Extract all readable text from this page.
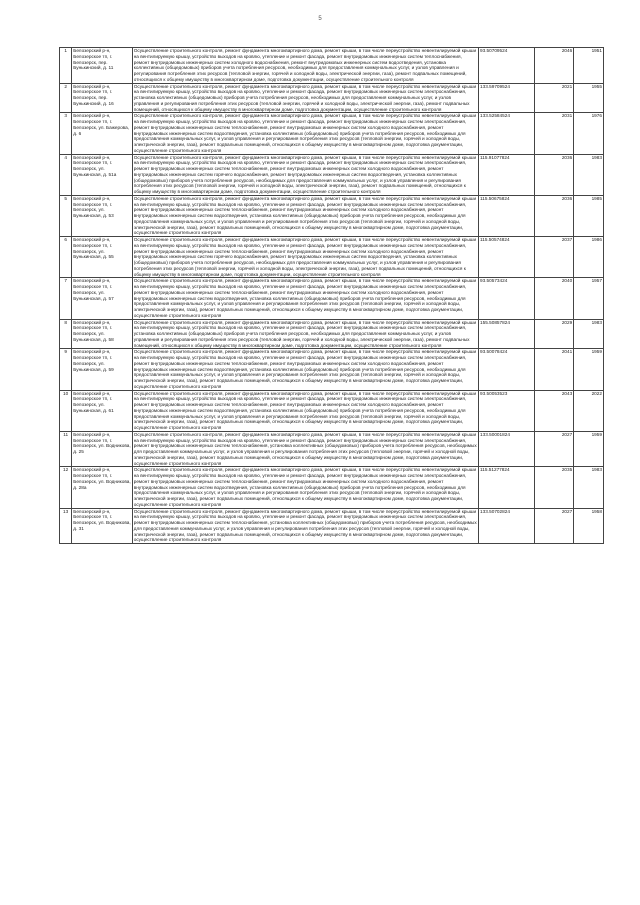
5
1	Белозерский р-н, Белозерское тп, г. Белозерск, пер. Бунькинский, д. 11	Осуществление строительного контроля, ремонт фундамента многоквартирного дома, ремонт крыши, в том числе переустройство невентилируемой крыши на вентилируемую крышу, устройство выходов на кровлю, утепление и ремонт фасада, ремонт внутридомовых инженерных систем теплоснабжения, ремонт внутридомовых инженерных систем холодного водоснабжения, ремонт внутридомовых инженерных систем водоотведения, установка коллективных (общедомовых) приборов учета потребления ресурсов, необходимых для предоставления коммунальных услуг, и узлов управления и регулирования потребления этих ресурсов (тепловой энергии, горячей и холодной воды, электрической энергии, газа), ремонт подвальных помещений, относящихся к общему имуществу в многоквартирном доме, подготовка документации, осуществление строительного контроля	93.50709524	2046	1951
2	Белозерский р-н, Белозерское тп, г. Белозерск, пер. Бунькинский, д. 16	Осуществление строительного контроля, ремонт фундамента многоквартирного дома, ремонт крыши, в том числе переустройство невентилируемой крыши на вентилируемую крышу, устройство выходов на кровлю, утепление и ремонт фасада, ремонт внутридомовых инженерных систем электроснабжения, установка коллективных (общедомовых) приборов учета потребления ресурсов, необходимых для предоставления коммунальных услуг, и узлов управления и регулирования потребления этих ресурсов (тепловой энергии, горячей и холодной воды, электрической энергии, газа), ремонт подвальных помещений, относящихся к общему имуществу в многоквартирном доме, подготовка документации, осуществление строительного контроля	133.59709524	2021	1955
3	Белозерский р-н, Белозерское тп, г. Белозерск, ул. Бажерова, д. 6	Осуществление строительного контроля, ремонт фундамента многоквартирного дома, ремонт крыши, в том числе переустройство невентилируемой крыши на вентилируемую крышу, устройство выходов на кровлю, утепление и ремонт фасада, ремонт внутридомовых инженерных систем электроснабжения, ремонт внутридомовых инженерных систем теплоснабжения, ремонт внутридомовых инженерных систем холодного водоснабжения, ремонт внутридомовых инженерных систем водоотведения, установка коллективных (общедомовых) приборов учета потребления ресурсов, необходимых для предоставления коммунальных услуг, и узлов управления и регулирования потребления этих ресурсов (тепловой энергии, горячей и холодной воды, электрической энергии, газа), ремонт подвальных помещений, относящихся к общему имуществу в многоквартирном доме, подготовка документации, осуществление строительного контроля	133.52584524	2031	1976
4	Белозерский р-н, Белозерское тп, г. Белозерск, ул. Бунькинская, д. 51а	Осуществление строительного контроля, ремонт фундамента многоквартирного дома, ремонт крыши, в том числе переустройство невентилируемой крыши на вентилируемую крышу, устройство выходов на кровлю, утепление и ремонт фасада, ремонт внутридомовых инженерных систем электроснабжения, ремонт внутридомовых инженерных систем теплоснабжения, ремонт внутридомовых инженерных систем холодного водоснабжения, ремонт внутридомовых инженерных систем горячего водоснабжения, ремонт внутридомовых инженерных систем водоотведения, установка коллективных (общедомовых) приборов учета потребления ресурсов, необходимых для предоставления коммунальных услуг, и узлов управления и регулирования потребления этих ресурсов (тепловой энергии, горячей и холодной воды, электрической энергии, газа), ремонт подвальных помещений, относящихся к общему имуществу в многоквартирном доме, подготовка документации, осуществление строительного контроля	115.91077824	2036	1983
5	Белозерский р-н, Белозерское тп, г. Белозерск, ул. Бунькинская, д. 53	Осуществление строительного контроля, ремонт фундамента многоквартирного дома, ремонт крыши, в том числе переустройство невентилируемой крыши на вентилируемую крышу, устройство выходов на кровлю, утепление и ремонт фасада, ремонт внутридомовых инженерных систем электроснабжения, ремонт внутридомовых инженерных систем теплоснабжения, ремонт внутридомовых инженерных систем холодного водоснабжения, ремонт внутридомовых инженерных систем водоотведения, установка коллективных (общедомовых) приборов учета потребления ресурсов, необходимых для предоставления коммунальных услуг, и узлов управления и регулирования потребления этих ресурсов (тепловой энергии, горячей и холодной воды, электрической энергии, газа), ремонт подвальных помещений, относящихся к общему имуществу в многоквартирном доме, подготовка документации, осуществление строительного контроля	115.50675824	2036	1985
6	Белозерский р-н, Белозерское тп, г. Белозерск, ул. Бунькинская, д. 55	Осуществление строительного контроля, ремонт фундамента многоквартирного дома, ремонт крыши, в том числе переустройство невентилируемой крыши на вентилируемую крышу, устройство выходов на кровлю, утепление и ремонт фасада, ремонт внутридомовых инженерных систем электроснабжения, ремонт внутридомовых инженерных систем теплоснабжения, ремонт внутридомовых инженерных систем холодного водоснабжения, ремонт внутридомовых инженерных систем горячего водоснабжения, ремонт внутридомовых инженерных систем водоотведения, установка коллективных (общедомовых) приборов учета потребления ресурсов, необходимых для предоставления коммунальных услуг, и узлов управления и регулирования потребления этих ресурсов (тепловой энергии, горячей и холодной воды, электрической энергии, газа), ремонт подвальных помещений, относящихся к общему имуществу в многоквартирном доме, подготовка документации, осуществление строительного контроля	115.50574824	2037	1986
7	Белозерский р-н, Белозерское тп, г. Белозерск, ул. Бунькинская, д. 57	Осуществление строительного контроля, ремонт фундамента многоквартирного дома, ремонт крыши, в том числе переустройство невентилируемой крыши на вентилируемую крышу, устройство выходов на кровлю, утепление и ремонт фасада, ремонт внутридомовых инженерных систем электроснабжения, ремонт внутридомовых инженерных систем теплоснабжения, ремонт внутридомовых инженерных систем холодного водоснабжения, ремонт внутридомовых инженерных систем водоотведения, установка коллективных (общедомовых) приборов учета потребления ресурсов, необходимых для предоставления коммунальных услуг, и узлов управления и регулирования потребления этих ресурсов (тепловой энергии, горячей и холодной воды, электрической энергии, газа), ремонт подвальных помещений, относящихся к общему имуществу в многоквартирном доме, подготовка документации, осуществление строительного контроля	93.50573424	2040	1957
8	Белозерский р-н, Белозерское тп, г. Белозерск, ул. Бунькинская, д. 58	Осуществление строительного контроля, ремонт фундамента многоквартирного дома, ремонт крыши, в том числе переустройство невентилируемой крыши на вентилируемую крышу, устройство выходов на кровлю, утепление и ремонт фасада, ремонт внутридомовых инженерных систем электроснабжения, установка коллективных (общедомовых) приборов учета потребления ресурсов, необходимых для предоставления коммунальных услуг, и узлов управления и регулирования потребления этих ресурсов (тепловой энергии, горячей и холодной воды, электрической энергии, газа), ремонт подвальных помещений, относящихся к общему имуществу в многоквартирном доме, подготовка документации, осуществление строительного контроля	155.50857824	2029	1983
9	Белозерский р-н, Белозерское тп, г. Белозерск, ул. Бунькинская, д. 59	Осуществление строительного контроля, ремонт фундамента многоквартирного дома, ремонт крыши, в том числе переустройство невентилируемой крыши на вентилируемую крышу, устройство выходов на кровлю, утепление и ремонт фасада, ремонт внутридомовых инженерных систем электроснабжения, ремонт внутридомовых инженерных систем теплоснабжения, ремонт внутридомовых инженерных систем холодного водоснабжения, ремонт внутридомовых инженерных систем водоотведения, установка коллективных (общедомовых) приборов учета потребления ресурсов, необходимых для предоставления коммунальных услуг, и узлов управления и регулирования потребления этих ресурсов (тепловой энергии, горячей и холодной воды, электрической энергии, газа), ремонт подвальных помещений, относящихся к общему имуществу в многоквартирном доме, подготовка документации, осуществление строительного контроля	93.50078424	2041	1959
10	Белозерский р-н, Белозерское тп, г. Белозерск, ул. Бунькинская, д. 61	Осуществление строительного контроля, ремонт фундамента многоквартирного дома, ремонт крыши, в том числе переустройство невентилируемой крыши на вентилируемую крышу, устройство выходов на кровлю, утепление и ремонт фасада, ремонт внутридомовых инженерных систем электроснабжения, ремонт внутридомовых инженерных систем теплоснабжения, ремонт внутридомовых инженерных систем холодного водоснабжения, ремонт внутридомовых инженерных систем водоотведения, установка коллективных (общедомовых) приборов учета потребления ресурсов, необходимых для предоставления коммунальных услуг, и узлов управления и регулирования потребления этих ресурсов (тепловой энергии, горячей и холодной воды, электрической энергии, газа), ремонт подвальных помещений, относящихся к общему имуществу в многоквартирном доме, подготовка документации, осуществление строительного контроля	93.50053523	2043	2022
11	Белозерский р-н, Белозерское тп, г. Белозерск, ул. Водникова, д. 25	Осуществление строительного контроля, ремонт фундамента многоквартирного дома, ремонт крыши, в том числе переустройство невентилируемой крыши на вентилируемую крышу, устройство выходов на кровлю, утепление и ремонт фасада, ремонт внутридомовых инженерных систем электроснабжения, ремонт внутридомовых инженерных систем теплоснабжения, установка коллективных (общедомовых) приборов учета потребления ресурсов, необходимых для предоставления коммунальных услуг, и узлов управления и регулирования потребления этих ресурсов (тепловой энергии, горячей и холодной воды, электрической энергии, газа), ремонт подвальных помещений, относящихся к общему имуществу в многоквартирном доме, подготовка документации, осуществление строительного контроля	133.50001824	2027	1959
12	Белозерский р-н, Белозерское тп, г. Белозерск, ул. Водникова, д. 28а	Осуществление строительного контроля, ремонт фундамента многоквартирного дома, ремонт крыши, в том числе переустройство невентилируемой крыши на вентилируемую крышу, устройство выходов на кровлю, утепление и ремонт фасада, ремонт внутридомовых инженерных систем электроснабжения, ремонт внутридомовых инженерных систем теплоснабжения, ремонт внутридомовых инженерных систем холодного водоснабжения, ремонт внутридомовых инженерных систем водоотведения, установка коллективных (общедомовых) приборов учета потребления ресурсов, необходимых для предоставления коммунальных услуг, и узлов управления и регулирования потребления этих ресурсов (тепловой энергии, горячей и холодной воды, электрической энергии, газа), ремонт подвальных помещений, относящихся к общему имуществу в многоквартирном доме, подготовка документации, осуществление строительного контроля	115.51277824	2035	1983
13	Белозерский р-н, Белозерское тп, г. Белозерск, ул. Водникова, д. 31	Осуществление строительного контроля, ремонт фундамента многоквартирного дома, ремонт крыши, в том числе переустройство невентилируемой крыши на вентилируемую крышу, устройство выходов на кровлю, утепление и ремонт фасада, ремонт внутридомовых инженерных систем электроснабжения, ремонт внутридомовых инженерных систем теплоснабжения, установка коллективных (общедомовых) приборов учета потребления ресурсов, необходимых для предоставления коммунальных услуг, и узлов управления и регулирования потребления этих ресурсов (тепловой энергии, горячей и холодной воды, электрической энергии, газа), ремонт подвальных помещений, относящихся к общему имуществу в многоквартирном доме, подготовка документации, осуществление строительного контроля	133.50702824	2027	1958
